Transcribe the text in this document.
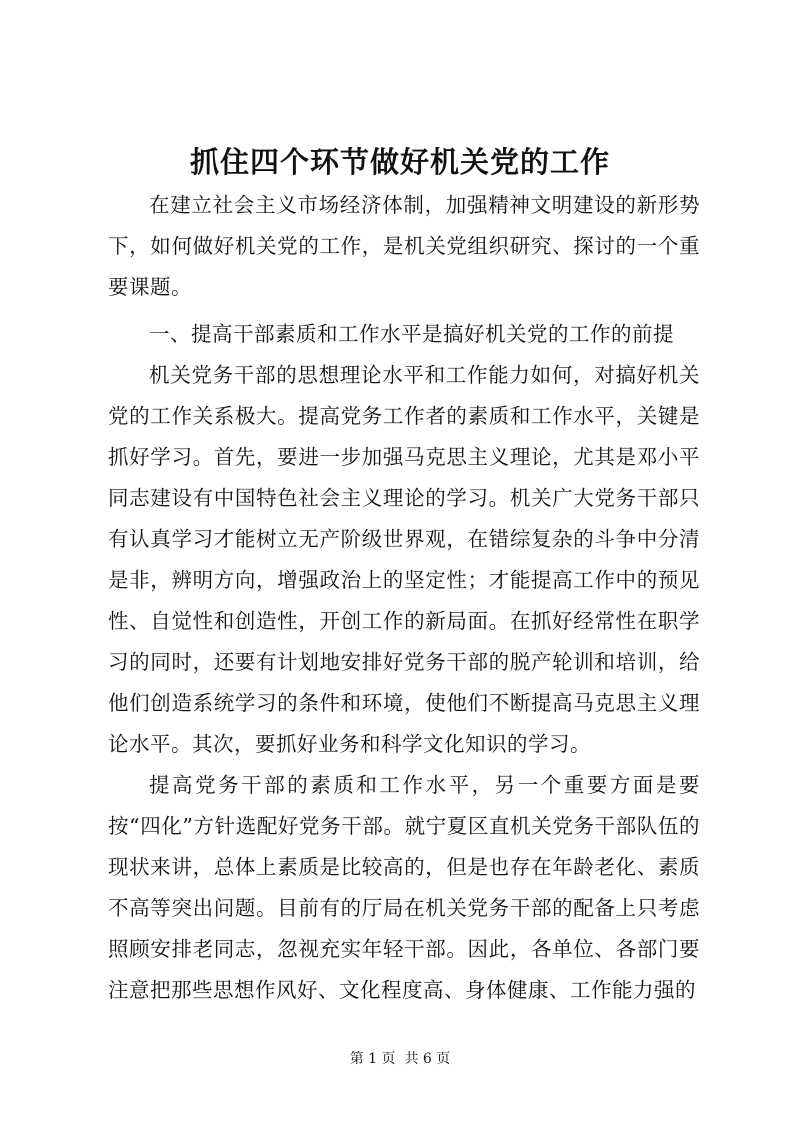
抓住四个环节做好机关党的工作

在建立社会主义市场经济体制，加强精神文明建设的新形势下，如何做好机关党的工作，是机关党组织研究、探讨的一个重要课题。

一、提高干部素质和工作水平是搞好机关党的工作的前提

机关党务干部的思想理论水平和工作能力如何，对搞好机关党的工作关系极大。提高党务工作者的素质和工作水平，关键是抓好学习。首先，要进一步加强马克思主义理论，尤其是邓小平同志建设有中国特色社会主义理论的学习。机关广大党务干部只有认真学习才能树立无产阶级世界观，在错综复杂的斗争中分清是非，辨明方向，增强政治上的坚定性；才能提高工作中的预见性、自觉性和创造性，开创工作的新局面。在抓好经常性在职学习的同时，还要有计划地安排好党务干部的脱产轮训和培训，给他们创造系统学习的条件和环境，使他们不断提高马克思主义理论水平。其次，要抓好业务和科学文化知识的学习。

提高党务干部的素质和工作水平，另一个重要方面是要按“四化”方针选配好党务干部。就宁夏区直机关党务干部队伍的现状来讲，总体上素质是比较高的，但是也存在年龄老化、素质不高等突出问题。目前有的厅局在机关党务干部的配备上只考虑照顾安排老同志，忽视充实年轻干部。因此，各单位、各部门要注意把那些思想作风好、文化程度高、身体健康、工作能力强的

第 1 页  共 6 页
